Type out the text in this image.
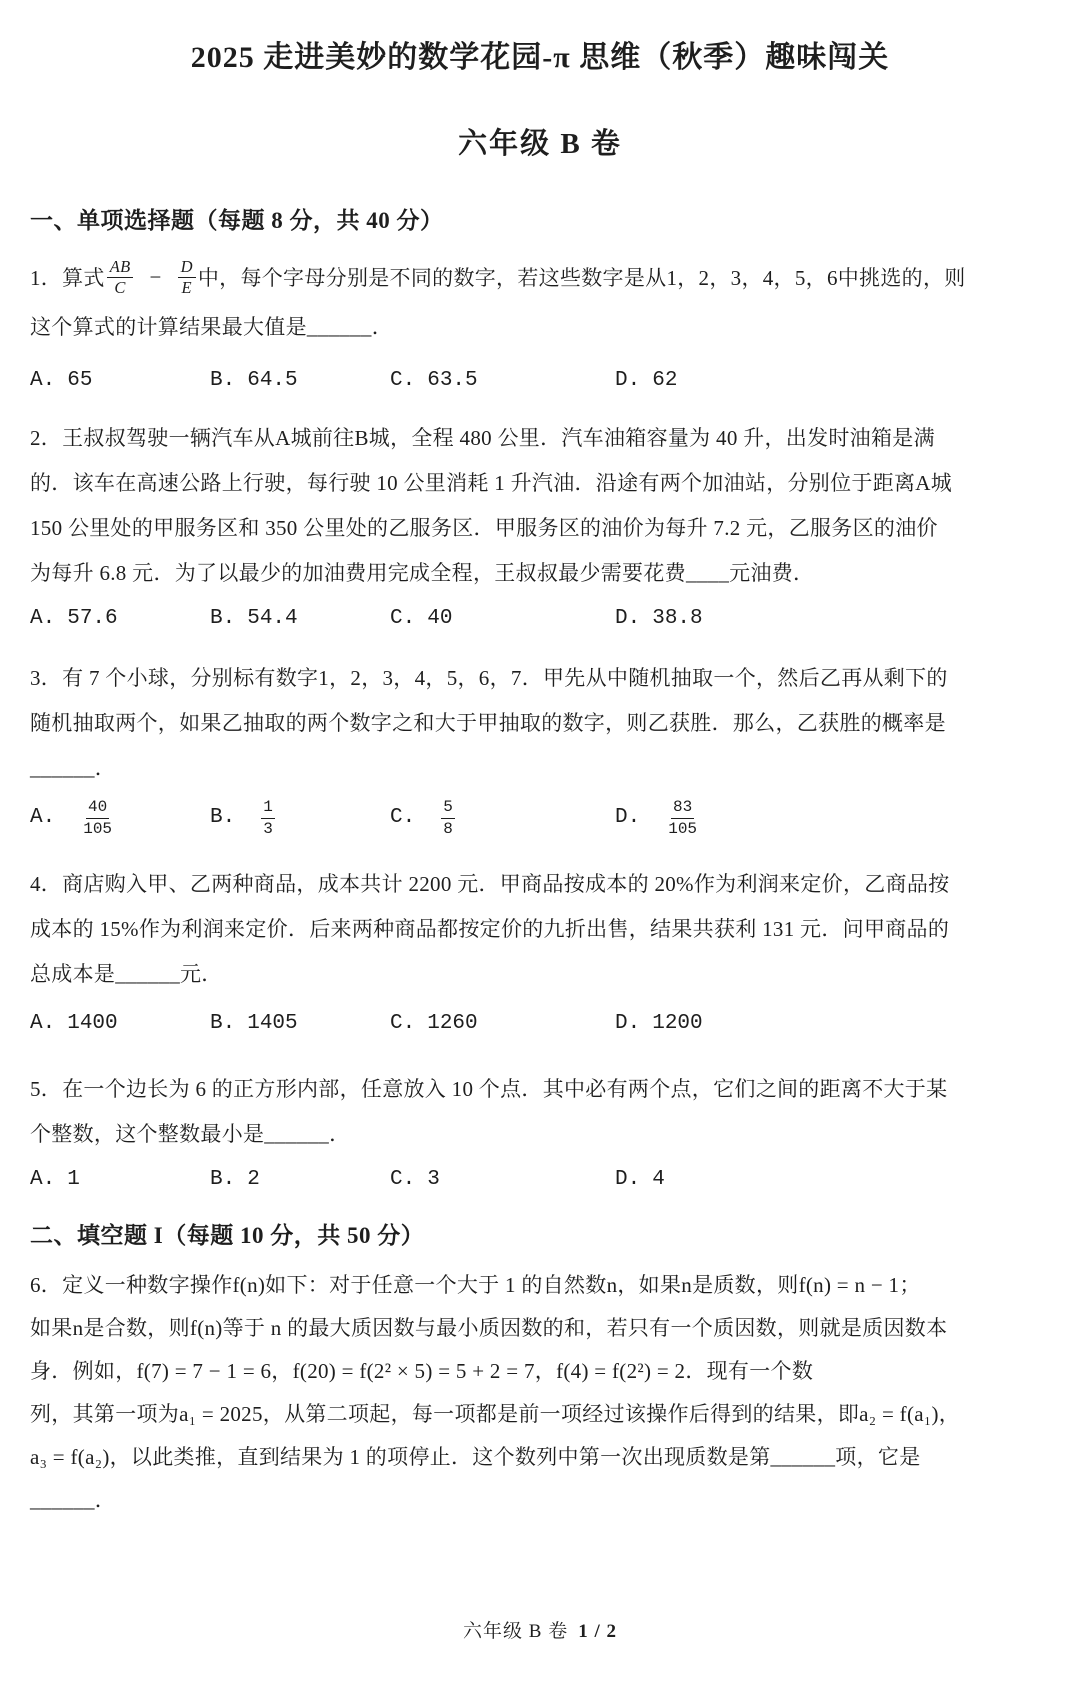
2025 走进美妙的数学花园-π 思维（秋季）趣味闯关
六年级 B 卷
一、单项选择题（每题 8 分，共 40 分）
1．算式 $\frac{AB}{C} - \frac{D}{E}$ 中，每个字母分别是不同的数字，若这些数字是从1，2，3，4，5，6中挑选的，则
这个算式的计算结果最大值是______．
A. 65	B. 64.5	C. 63.5	D. 62
2．王叔叔驾驶一辆汽车从A城前往B城，全程 480 公里．汽车油箱容量为 40 升，出发时油箱是满
的．该车在高速公路上行驶，每行驶 10 公里消耗 1 升汽油．沿途有两个加油站，分别位于距离A城
150 公里处的甲服务区和 350 公里处的乙服务区．甲服务区的油价为每升 7.2 元，乙服务区的油价
为每升 6.8 元．为了以最少的加油费用完成全程，王叔叔最少需要花费____元油费．
A. 57.6	B. 54.4	C. 40	D. 38.8
3．有 7 个小球，分别标有数字1，2，3，4，5，6，7．甲先从中随机抽取一个，然后乙再从剩下的
随机抽取两个，如果乙抽取的两个数字之和大于甲抽取的数字，则乙获胜．那么，乙获胜的概率是
______．
A. $\frac{40}{105}$	B. $\frac{1}{3}$	C. $\frac{5}{8}$	D. $\frac{83}{105}$
4．商店购入甲、乙两种商品，成本共计 2200 元．甲商品按成本的 20%作为利润来定价，乙商品按
成本的 15%作为利润来定价．后来两种商品都按定价的九折出售，结果共获利 131 元．问甲商品的
总成本是______元．
A. 1400	B. 1405	C. 1260	D. 1200
5．在一个边长为 6 的正方形内部，任意放入 10 个点．其中必有两个点，它们之间的距离不大于某
个整数，这个整数最小是______．
A. 1	B. 2	C. 3	D. 4
二、填空题 I（每题 10 分，共 50 分）
6．定义一种数字操作f(n)如下：对于任意一个大于 1 的自然数n，如果n是质数，则f(n) = n − 1；
如果n是合数，则f(n)等于 n 的最大质因数与最小质因数的和，若只有一个质因数，则就是质因数本
身．例如，f(7) = 7 − 1 = 6，f(20) = f(2² × 5) = 5 + 2 = 7，f(4) = f(2²) = 2．现有一个数
列，其第一项为a₁ = 2025，从第二项起，每一项都是前一项经过该操作后得到的结果，即a₂ = f(a₁)，
a₃ = f(a₂)，以此类推，直到结果为 1 的项停止．这个数列中第一次出现质数是第______项，它是
______．
六年级 B 卷 1 / 2
